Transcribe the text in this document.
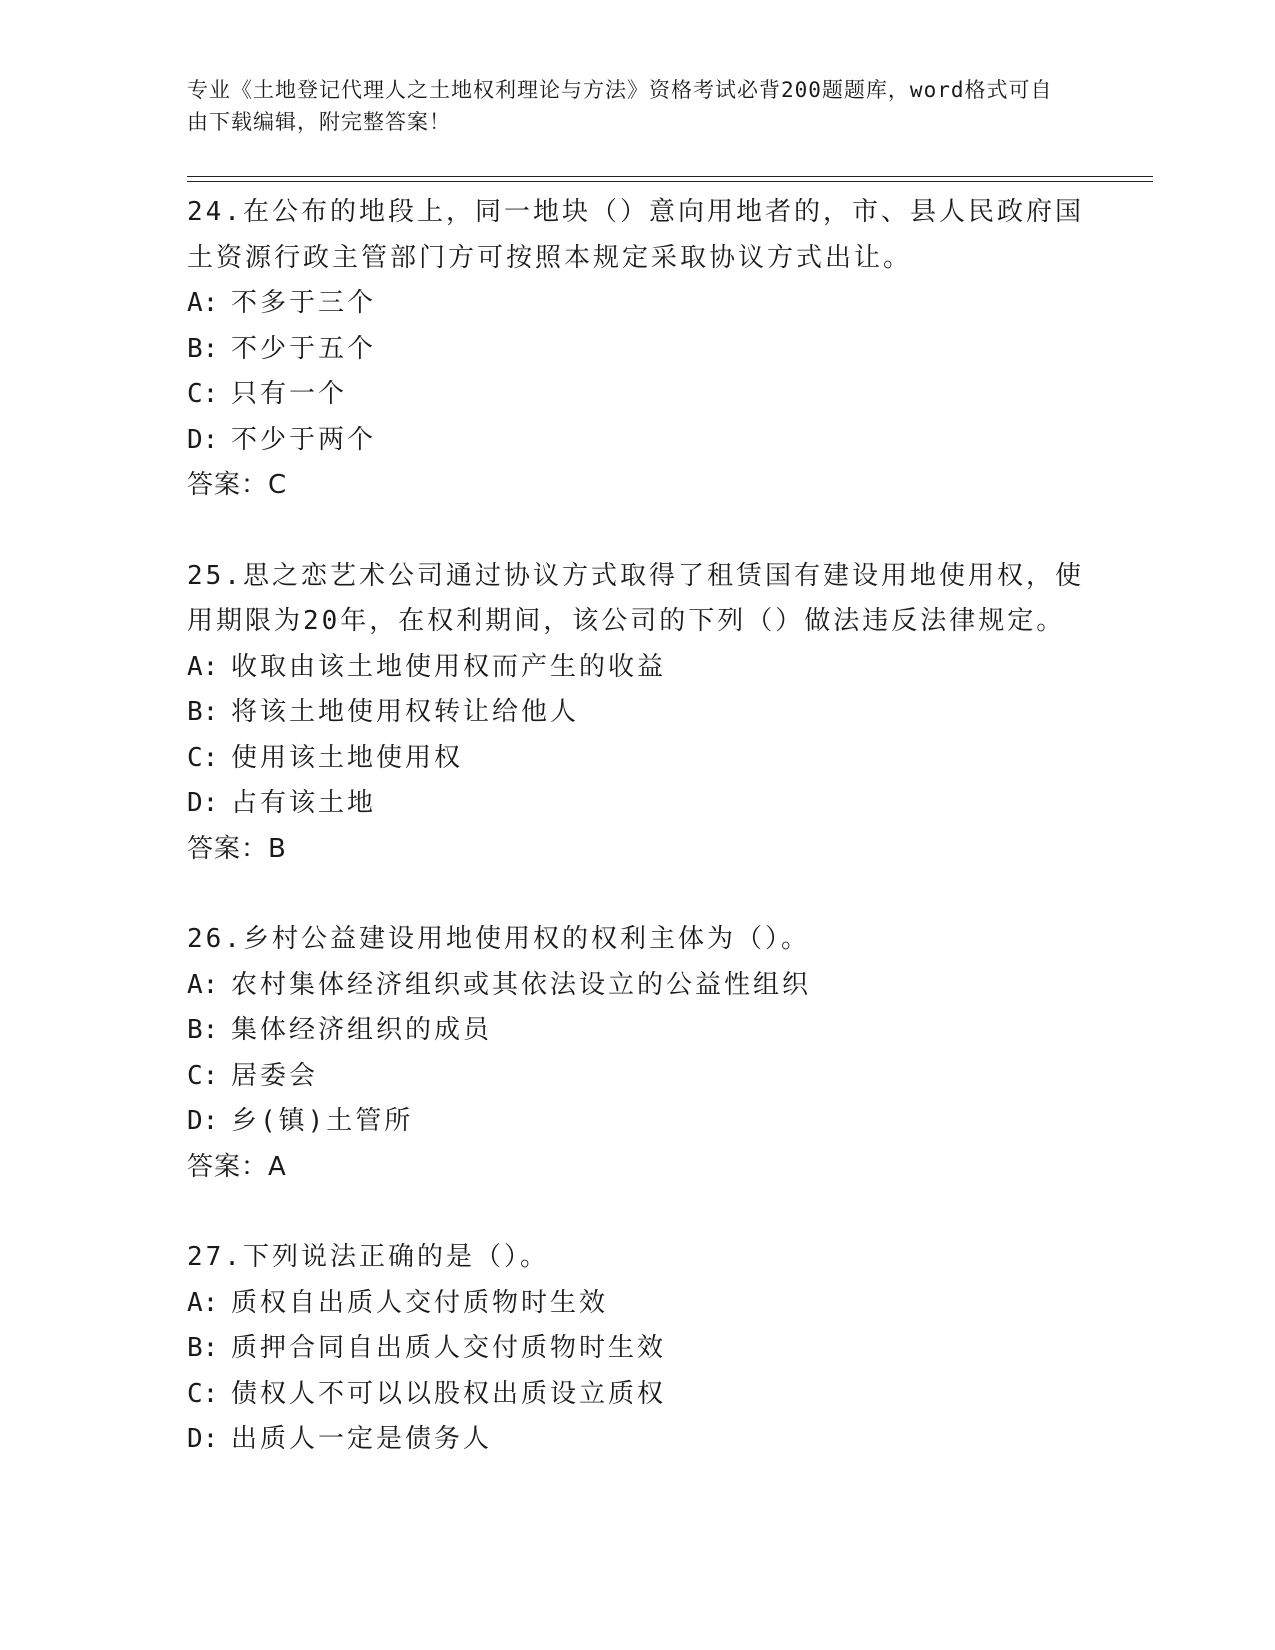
专业《土地登记代理人之土地权利理论与方法》资格考试必背200题题库，word格式可自由下载编辑，附完整答案！

24.在公布的地段上，同一地块（）意向用地者的，市、县人民政府国土资源行政主管部门方可按照本规定采取协议方式出让。

A: 不多于三个

B: 不少于五个

C: 只有一个

D: 不少于两个

答案：C

25.思之恋艺术公司通过协议方式取得了租赁国有建设用地使用权，使用期限为20年，在权利期间，该公司的下列（）做法违反法律规定。

A: 收取由该土地使用权而产生的收益

B: 将该土地使用权转让给他人

C: 使用该土地使用权

D: 占有该土地

答案：B

26.乡村公益建设用地使用权的权利主体为（）。

A: 农村集体经济组织或其依法设立的公益性组织

B: 集体经济组织的成员

C: 居委会

D: 乡(镇)土管所

答案：A

27.下列说法正确的是（）。

A: 质权自出质人交付质物时生效

B: 质押合同自出质人交付质物时生效

C: 债权人不可以以股权出质设立质权

D: 出质人一定是债务人
